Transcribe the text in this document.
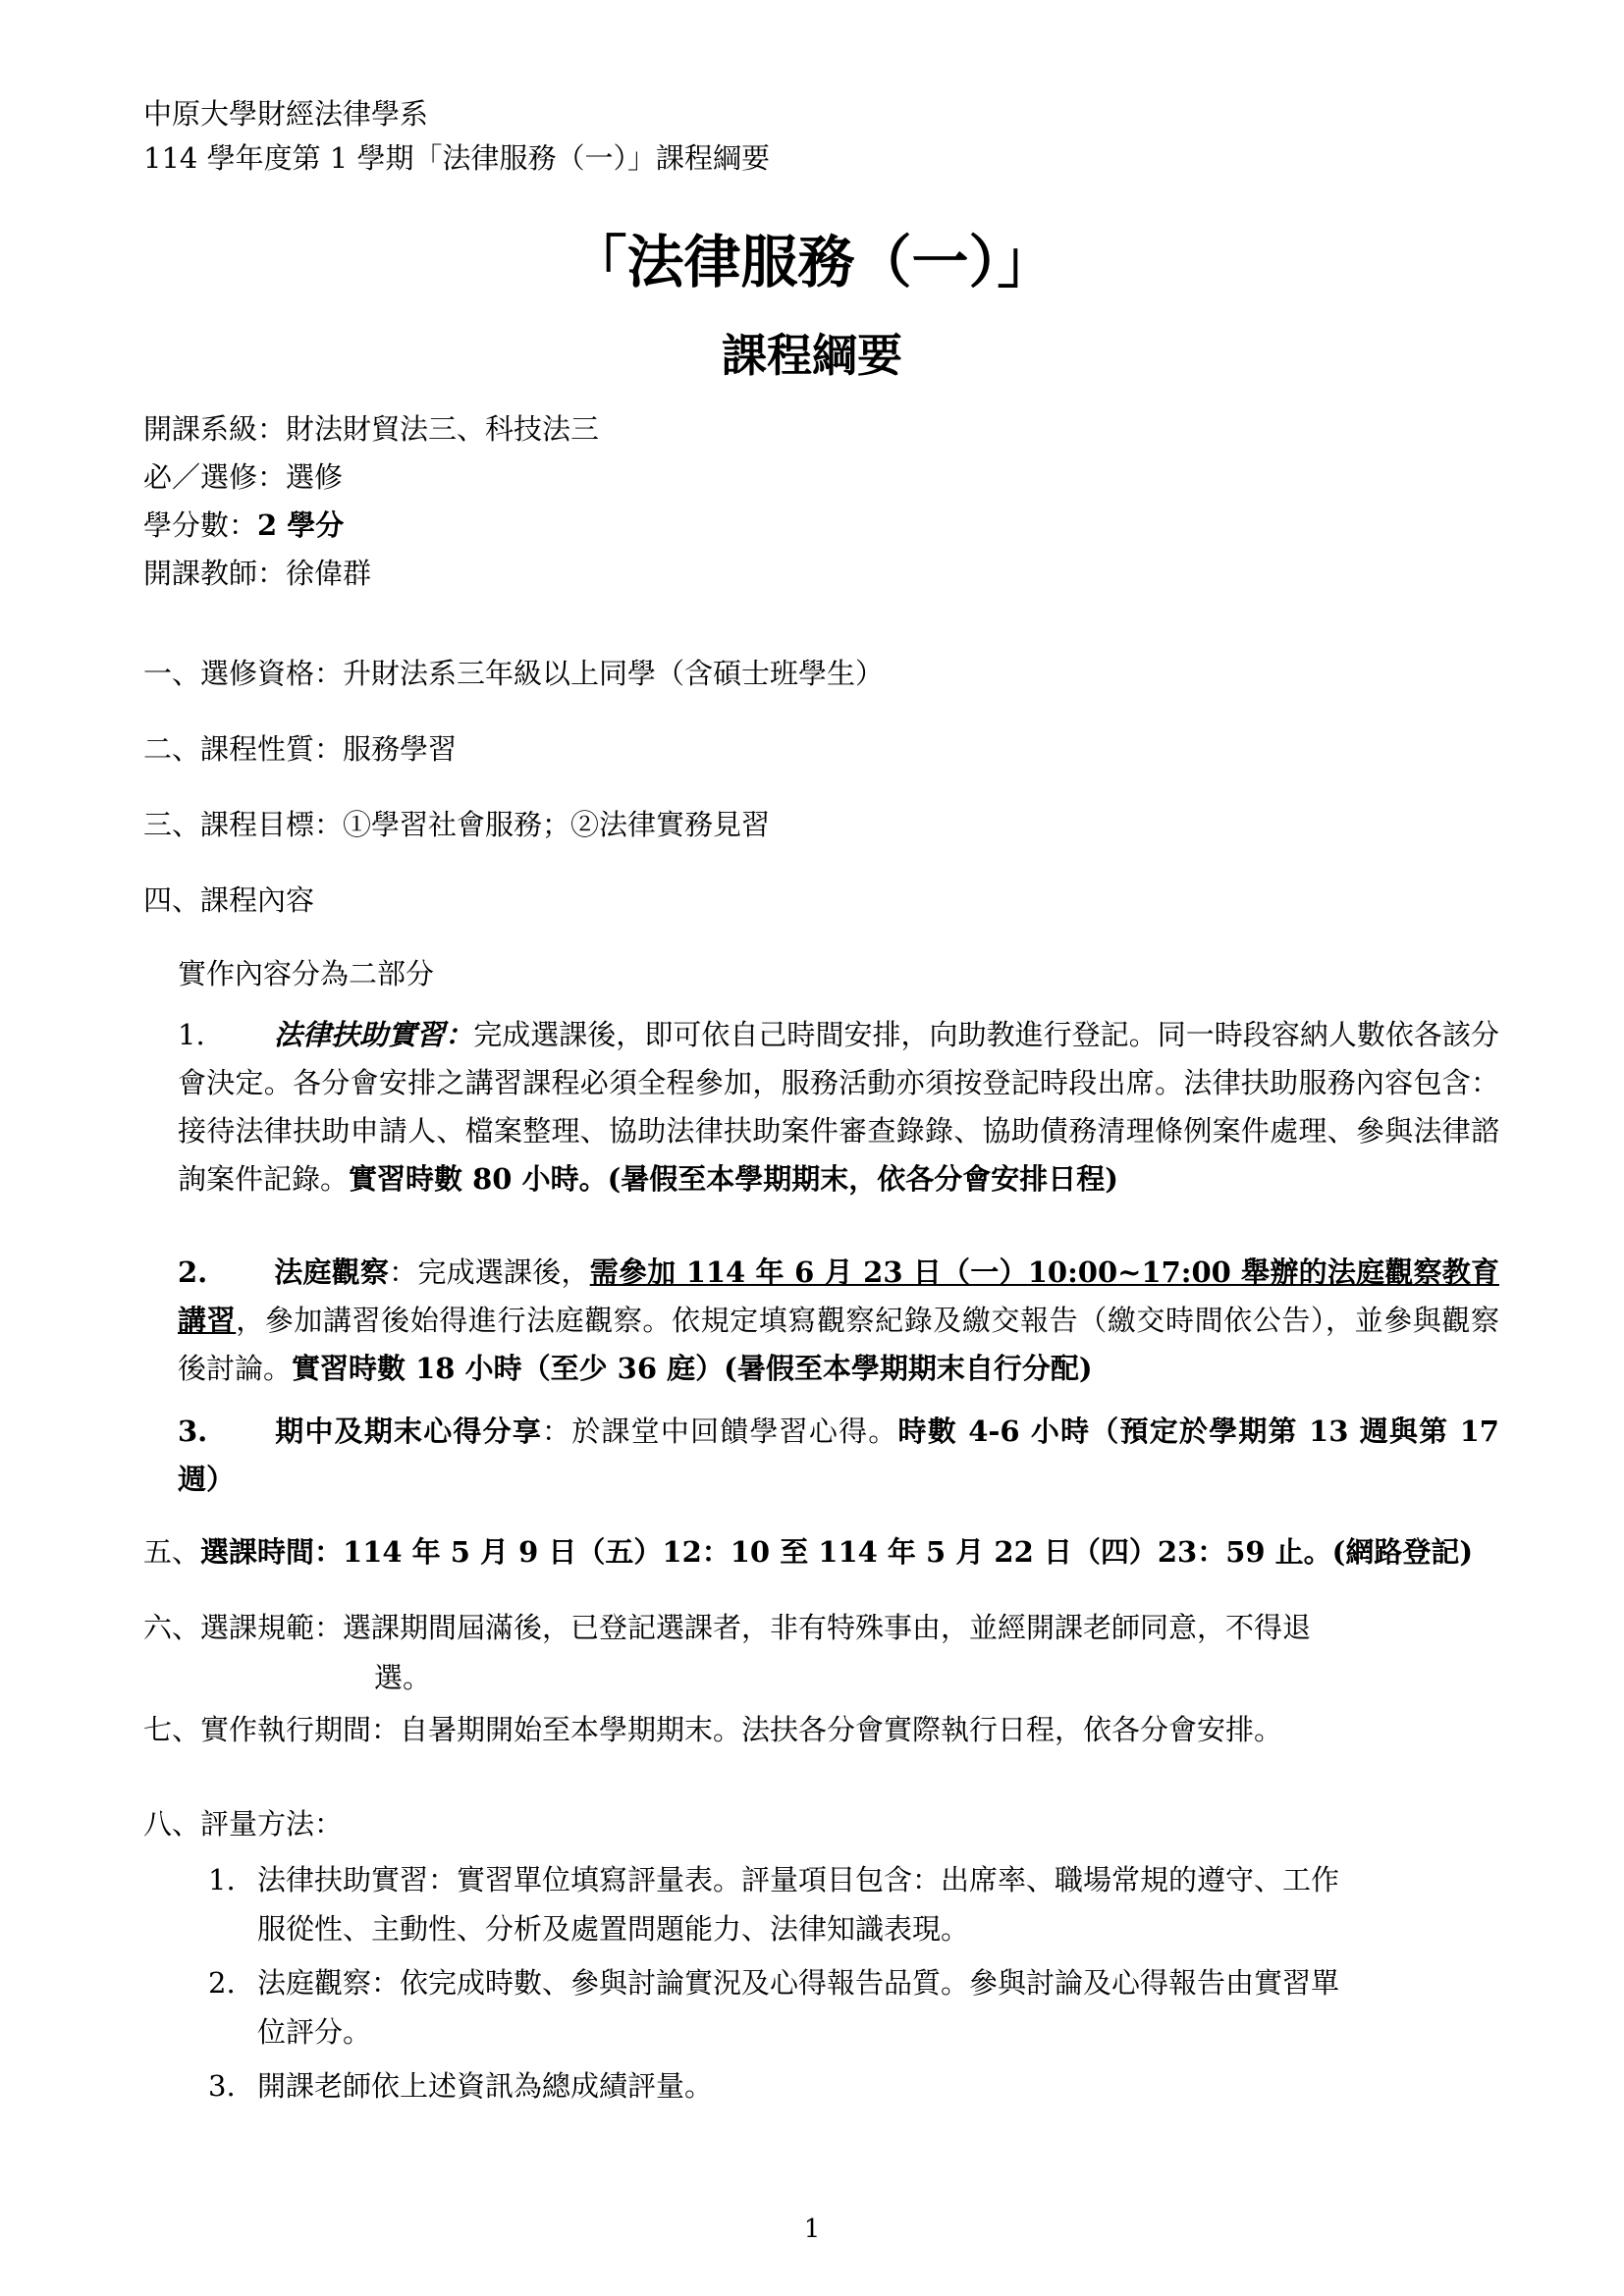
中原大學財經法律學系
114 學年度第 1 學期「法律服務（一）」課程綱要
「法律服務（一）」
課程綱要
開課系級：財法財貿法三、科技法三
必／選修：選修
學分數：2 學分
開課教師：徐偉群
一、選修資格：升財法系三年級以上同學（含碩士班學生）
二、課程性質：服務學習
三、課程目標：①學習社會服務；②法律實務見習
四、課程內容
實作內容分為二部分
1. 法律扶助實習：完成選課後，即可依自己時間安排，向助教進行登記。同一時段容納人數依各該分會決定。各分會安排之講習課程必須全程參加，服務活動亦須按登記時段出席。法律扶助服務內容包含：接待法律扶助申請人、檔案整理、協助法律扶助案件審查錄錄、協助債務清理條例案件處理、參與法律諮詢案件記錄。實習時數 80 小時。(暑假至本學期期末，依各分會安排日程)
2. 法庭觀察：完成選課後，需參加 114 年 6 月 23 日（一）10:00~17:00 舉辦的法庭觀察教育講習，參加講習後始得進行法庭觀察。依規定填寫觀察紀錄及繳交報告（繳交時間依公告），並參與觀察後討論。實習時數 18 小時（至少 36 庭）(暑假至本學期期末自行分配)
3. 期中及期末心得分享：於課堂中回饋學習心得。時數 4-6 小時（預定於學期第 13 週與第 17 週）
五、選課時間：114 年 5 月 9 日（五）12：10 至 114 年 5 月 22 日（四）23：59 止。(網路登記)
六、選課規範：選課期間屆滿後，已登記選課者，非有特殊事由，並經開課老師同意，不得退
選。
七、實作執行期間：自暑期開始至本學期期末。法扶各分會實際執行日程，依各分會安排。
八、評量方法：
1. 法律扶助實習：實習單位填寫評量表。評量項目包含：出席率、職場常規的遵守、工作
服從性、主動性、分析及處置問題能力、法律知識表現。
2. 法庭觀察：依完成時數、參與討論實況及心得報告品質。參與討論及心得報告由實習單
位評分。
3. 開課老師依上述資訊為總成績評量。
1
